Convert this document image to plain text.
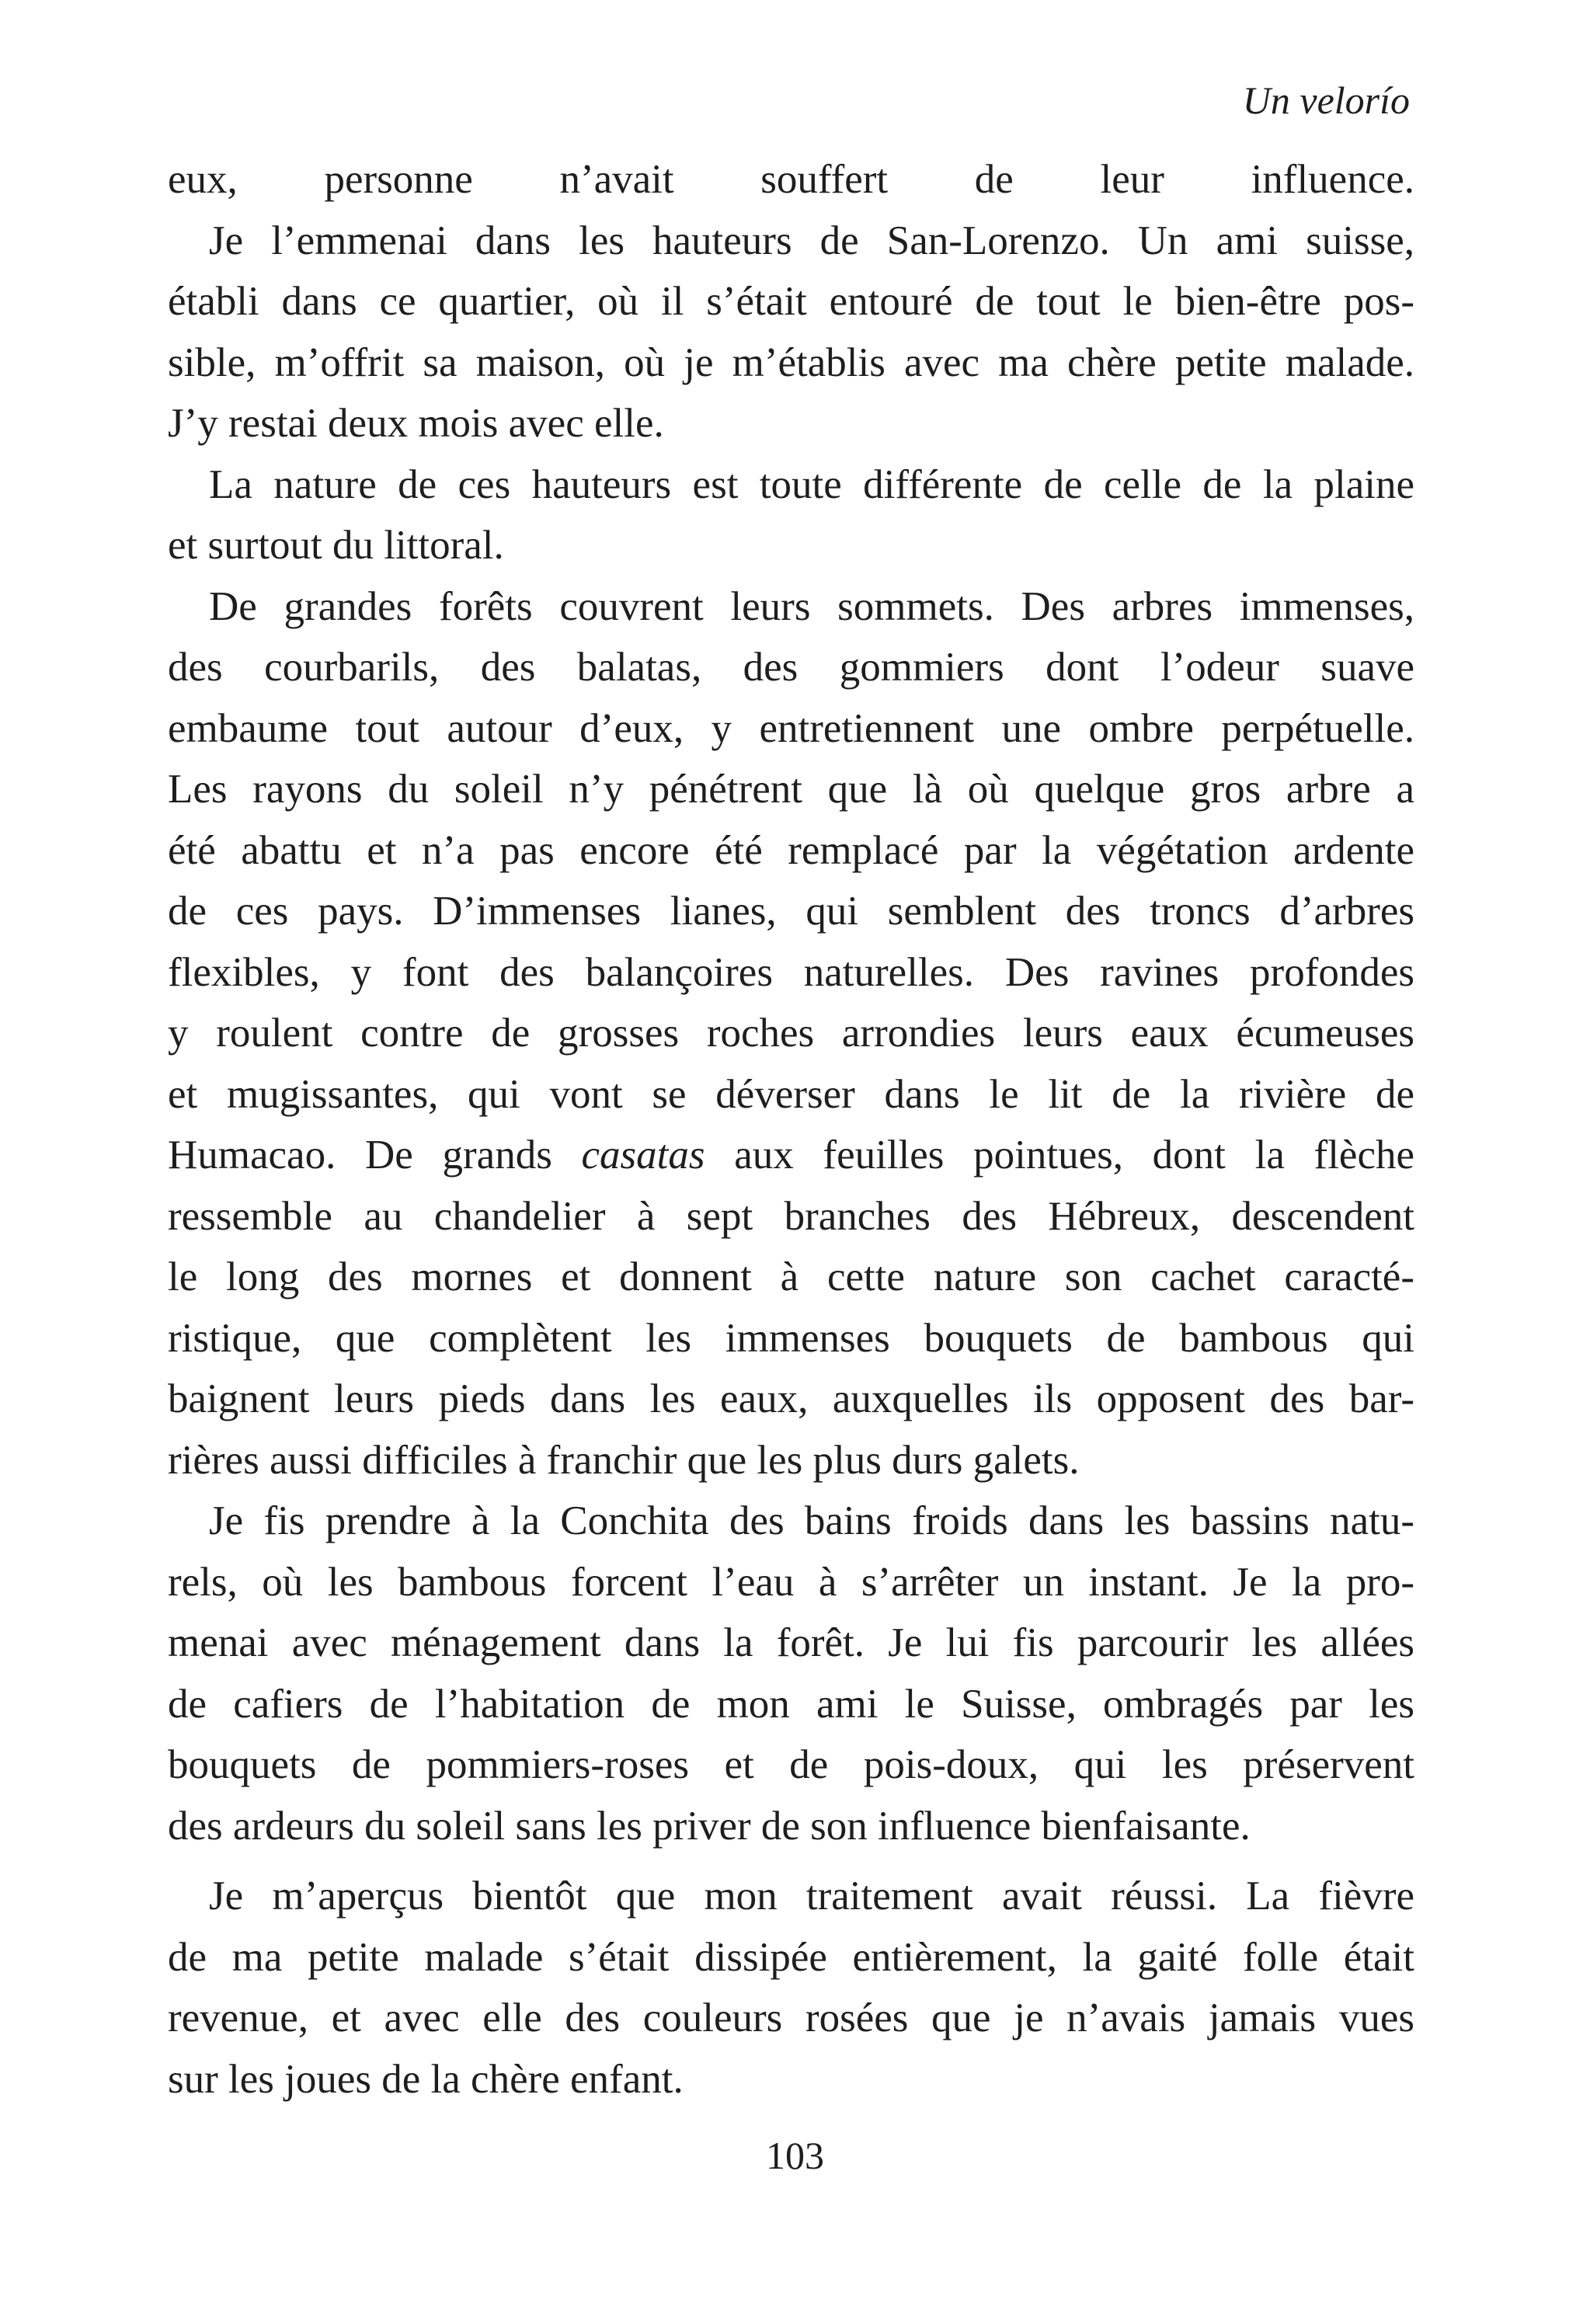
Un velorío

eux, personne n’avait souffert de leur influence.

Je l’emmenai dans les hauteurs de San-Lorenzo. Un ami suisse,

établi dans ce quartier, où il s’était entouré de tout le bien-être pos-

sible, m’offrit sa maison, où je m’établis avec ma chère petite malade.

J’y restai deux mois avec elle.

La nature de ces hauteurs est toute différente de celle de la plaine

et surtout du littoral.

De grandes forêts couvrent leurs sommets. Des arbres immenses,

des courbarils, des balatas, des gommiers dont l’odeur suave

embaume tout autour d’eux, y entretiennent une ombre perpétuelle.

Les rayons du soleil n’y pénétrent que là où quelque gros arbre a

été abattu et n’a pas encore été remplacé par la végétation ardente

de ces pays. D’immenses lianes, qui semblent des troncs d’arbres

flexibles, y font des balançoires naturelles. Des ravines profondes

y roulent contre de grosses roches arrondies leurs eaux écumeuses

et mugissantes, qui vont se déverser dans le lit de la rivière de

Humacao. De grands casatas aux feuilles pointues, dont la flèche

ressemble au chandelier à sept branches des Hébreux, descendent

le long des mornes et donnent à cette nature son cachet caracté-

ristique, que complètent les immenses bouquets de bambous qui

baignent leurs pieds dans les eaux, auxquelles ils opposent des bar-

rières aussi difficiles à franchir que les plus durs galets.

Je fis prendre à la Conchita des bains froids dans les bassins natu-

rels, où les bambous forcent l’eau à s’arrêter un instant. Je la pro-

menai avec ménagement dans la forêt. Je lui fis parcourir les allées

de cafiers de l’habitation de mon ami le Suisse, ombragés par les

bouquets de pommiers-roses et de pois-doux, qui les préservent

des ardeurs du soleil sans les priver de son influence bienfaisante.

Je m’aperçus bientôt que mon traitement avait réussi. La fièvre

de ma petite malade s’était dissipée entièrement, la gaité folle était

revenue, et avec elle des couleurs rosées que je n’avais jamais vues

sur les joues de la chère enfant.

103
